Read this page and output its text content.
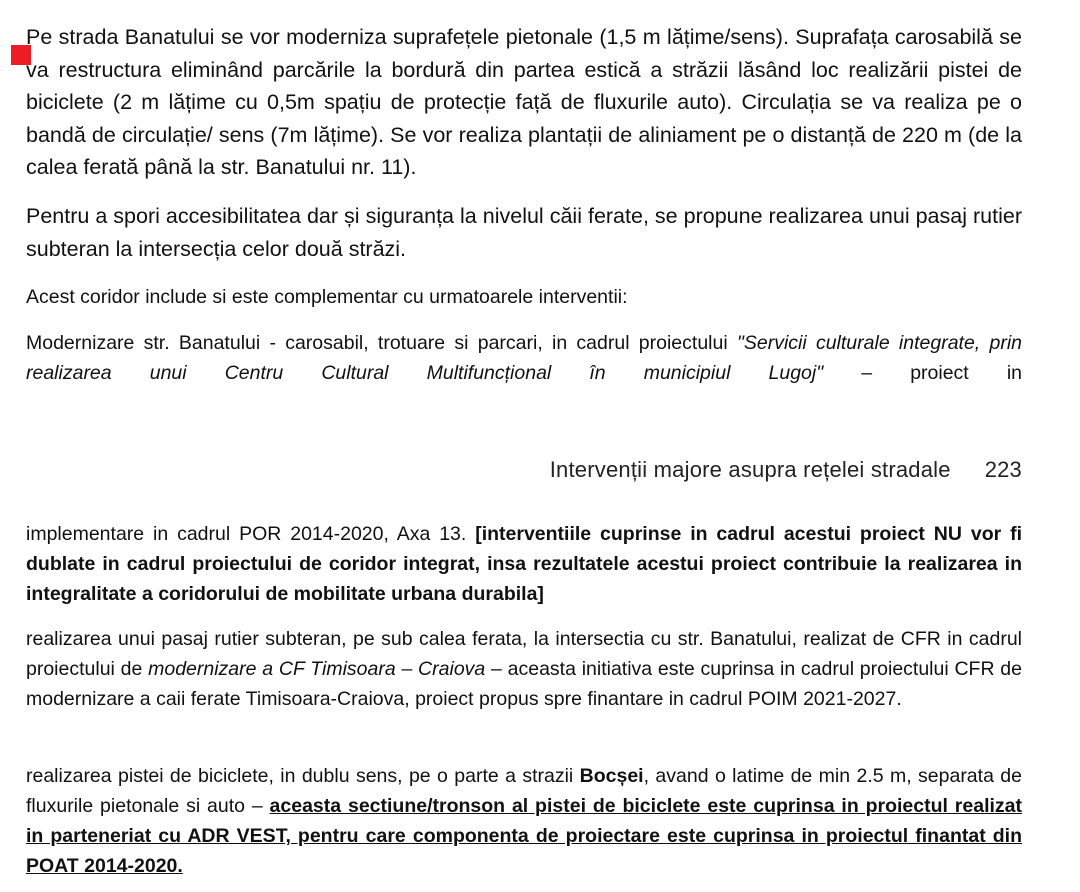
Pe strada Banatului se vor moderniza suprafețele pietonale (1,5 m lățime/sens). Suprafața carosabilă se va restructura eliminând parcările la bordură din partea estică a străzii lăsând loc realizării pistei de biciclete (2 m lățime cu 0,5m spațiu de protecție față de fluxurile auto). Circulația se va realiza pe o bandă de circulație/ sens (7m lățime). Se vor realiza plantații de aliniament pe o distanță de 220 m (de la calea ferată până la str. Banatului nr. 11).

Pentru a spori accesibilitatea dar și siguranța la nivelul căii ferate, se propune realizarea unui pasaj rutier subteran la intersecția celor două străzi.

Acest coridor include si este complementar cu urmatoarele interventii:

Modernizare str. Banatului - carosabil, trotuare si parcari, in cadrul proiectului "Servicii culturale integrate, prin realizarea unui Centru Cultural Multifuncțional în municipiul Lugoj" – proiect in

Intervenții majore asupra rețelei stradale 223

implementare in cadrul POR 2014-2020, Axa 13. [interventiile cuprinse in cadrul acestui proiect NU vor fi dublate in cadrul proiectului de coridor integrat, insa rezultatele acestui proiect contribuie la realizarea in integralitate a coridorului de mobilitate urbana durabila]

realizarea unui pasaj rutier subteran, pe sub calea ferata, la intersectia cu str. Banatului, realizat de CFR in cadrul proiectului de modernizare a CF Timisoara – Craiova – aceasta initiativa este cuprinsa in cadrul proiectului CFR de modernizare a caii ferate Timisoara-Craiova, proiect propus spre finantare in cadrul POIM 2021-2027.

realizarea pistei de biciclete, in dublu sens, pe o parte a strazii Bocșei, avand o latime de min 2.5 m, separata de fluxurile pietonale si auto – aceasta sectiune/tronson al pistei de biciclete este cuprinsa in proiectul realizat in parteneriat cu ADR VEST, pentru care componenta de proiectare este cuprinsa in proiectul finantat din POAT 2014-2020.
